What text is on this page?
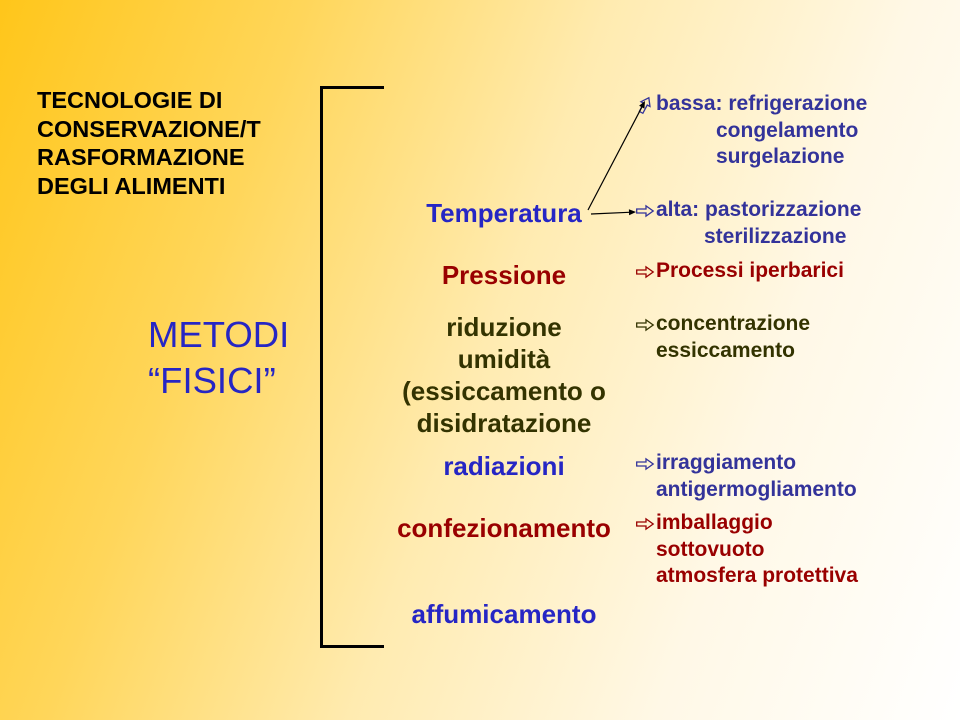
TECNOLOGIE DI
CONSERVAZIONE/T
RASFORMAZIONE
DEGLI ALIMENTI
METODI
“FISICI”
Temperatura
Pressione
riduzione
umidità
(essiccamento o
disidratazione
radiazioni
confezionamento
affumicamento
bassa: refrigerazione
congelamento
surgelazione
alta: pastorizzazione
sterilizzazione
Processi iperbarici
concentrazione
essiccamento
irraggiamento
antigermogliamento
imballaggio
sottovuoto
atmosfera protettiva
